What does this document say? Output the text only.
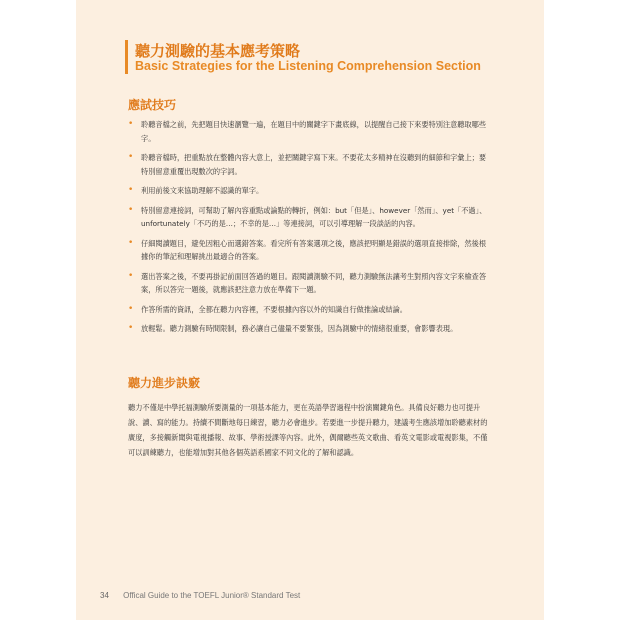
聽力測驗的基本應考策略
Basic Strategies for the Listening Comprehension Section
應試技巧
• 聆聽音檔之前，先把題目快速瀏覽一遍，在題目中的關鍵字下畫底線，以提醒自己接下來要特別注意聽取哪些字。
• 聆聽音檔時，把重點放在整體內容大意上，並把關鍵字寫下來。不要花太多精神在沒聽到的細節和字彙上；要特別留意重覆出現數次的字詞。
• 利用前後文來協助理解不認識的單字。
• 特別留意連接詞，可幫助了解內容重點或論點的轉折，例如：but「但是」、however「然而」、yet「不過」、unfortunately「不巧的是…；不幸的是…」等連接詞，可以引導理解一段談話的內容。
• 仔細閱讀題目，避免因粗心而選錯答案。看完所有答案選項之後，應該把明顯是錯誤的選項直接排除，然後根據你的筆記和理解挑出最適合的答案。
• 選出答案之後，不要再掛記前面回答過的題目。跟閱讀測驗不同，聽力測驗無法讓考生對照內容文字來檢查答案，所以答完一題後，就應該把注意力放在準備下一題。
• 作答所需的資訊，全都在聽力內容裡，不要根據內容以外的知識自行做推論或結論。
• 放輕鬆。聽力測驗有時間限制，務必讓自己儘量不要緊張，因為測驗中的情緒很重要，會影響表現。
聽力進步訣竅

聽力不僅是中學托福測驗所要測量的一項基本能力，更在英語學習過程中扮演關鍵角色。具備良好聽力也可提升說、讀、寫的能力。持續不間斷地每日練習，聽力必會進步。若要進一步提升聽力，建議考生應該增加聆聽素材的廣度，多接觸新聞與電視播報、故事、學術授課等內容。此外，偶爾聽些英文歌曲、看英文電影或電視影集，不僅可以訓練聽力，也能增加對其他各個英語系國家不同文化的了解和認識。

34 Offical Guide to the TOEFL Junior® Standard Test
